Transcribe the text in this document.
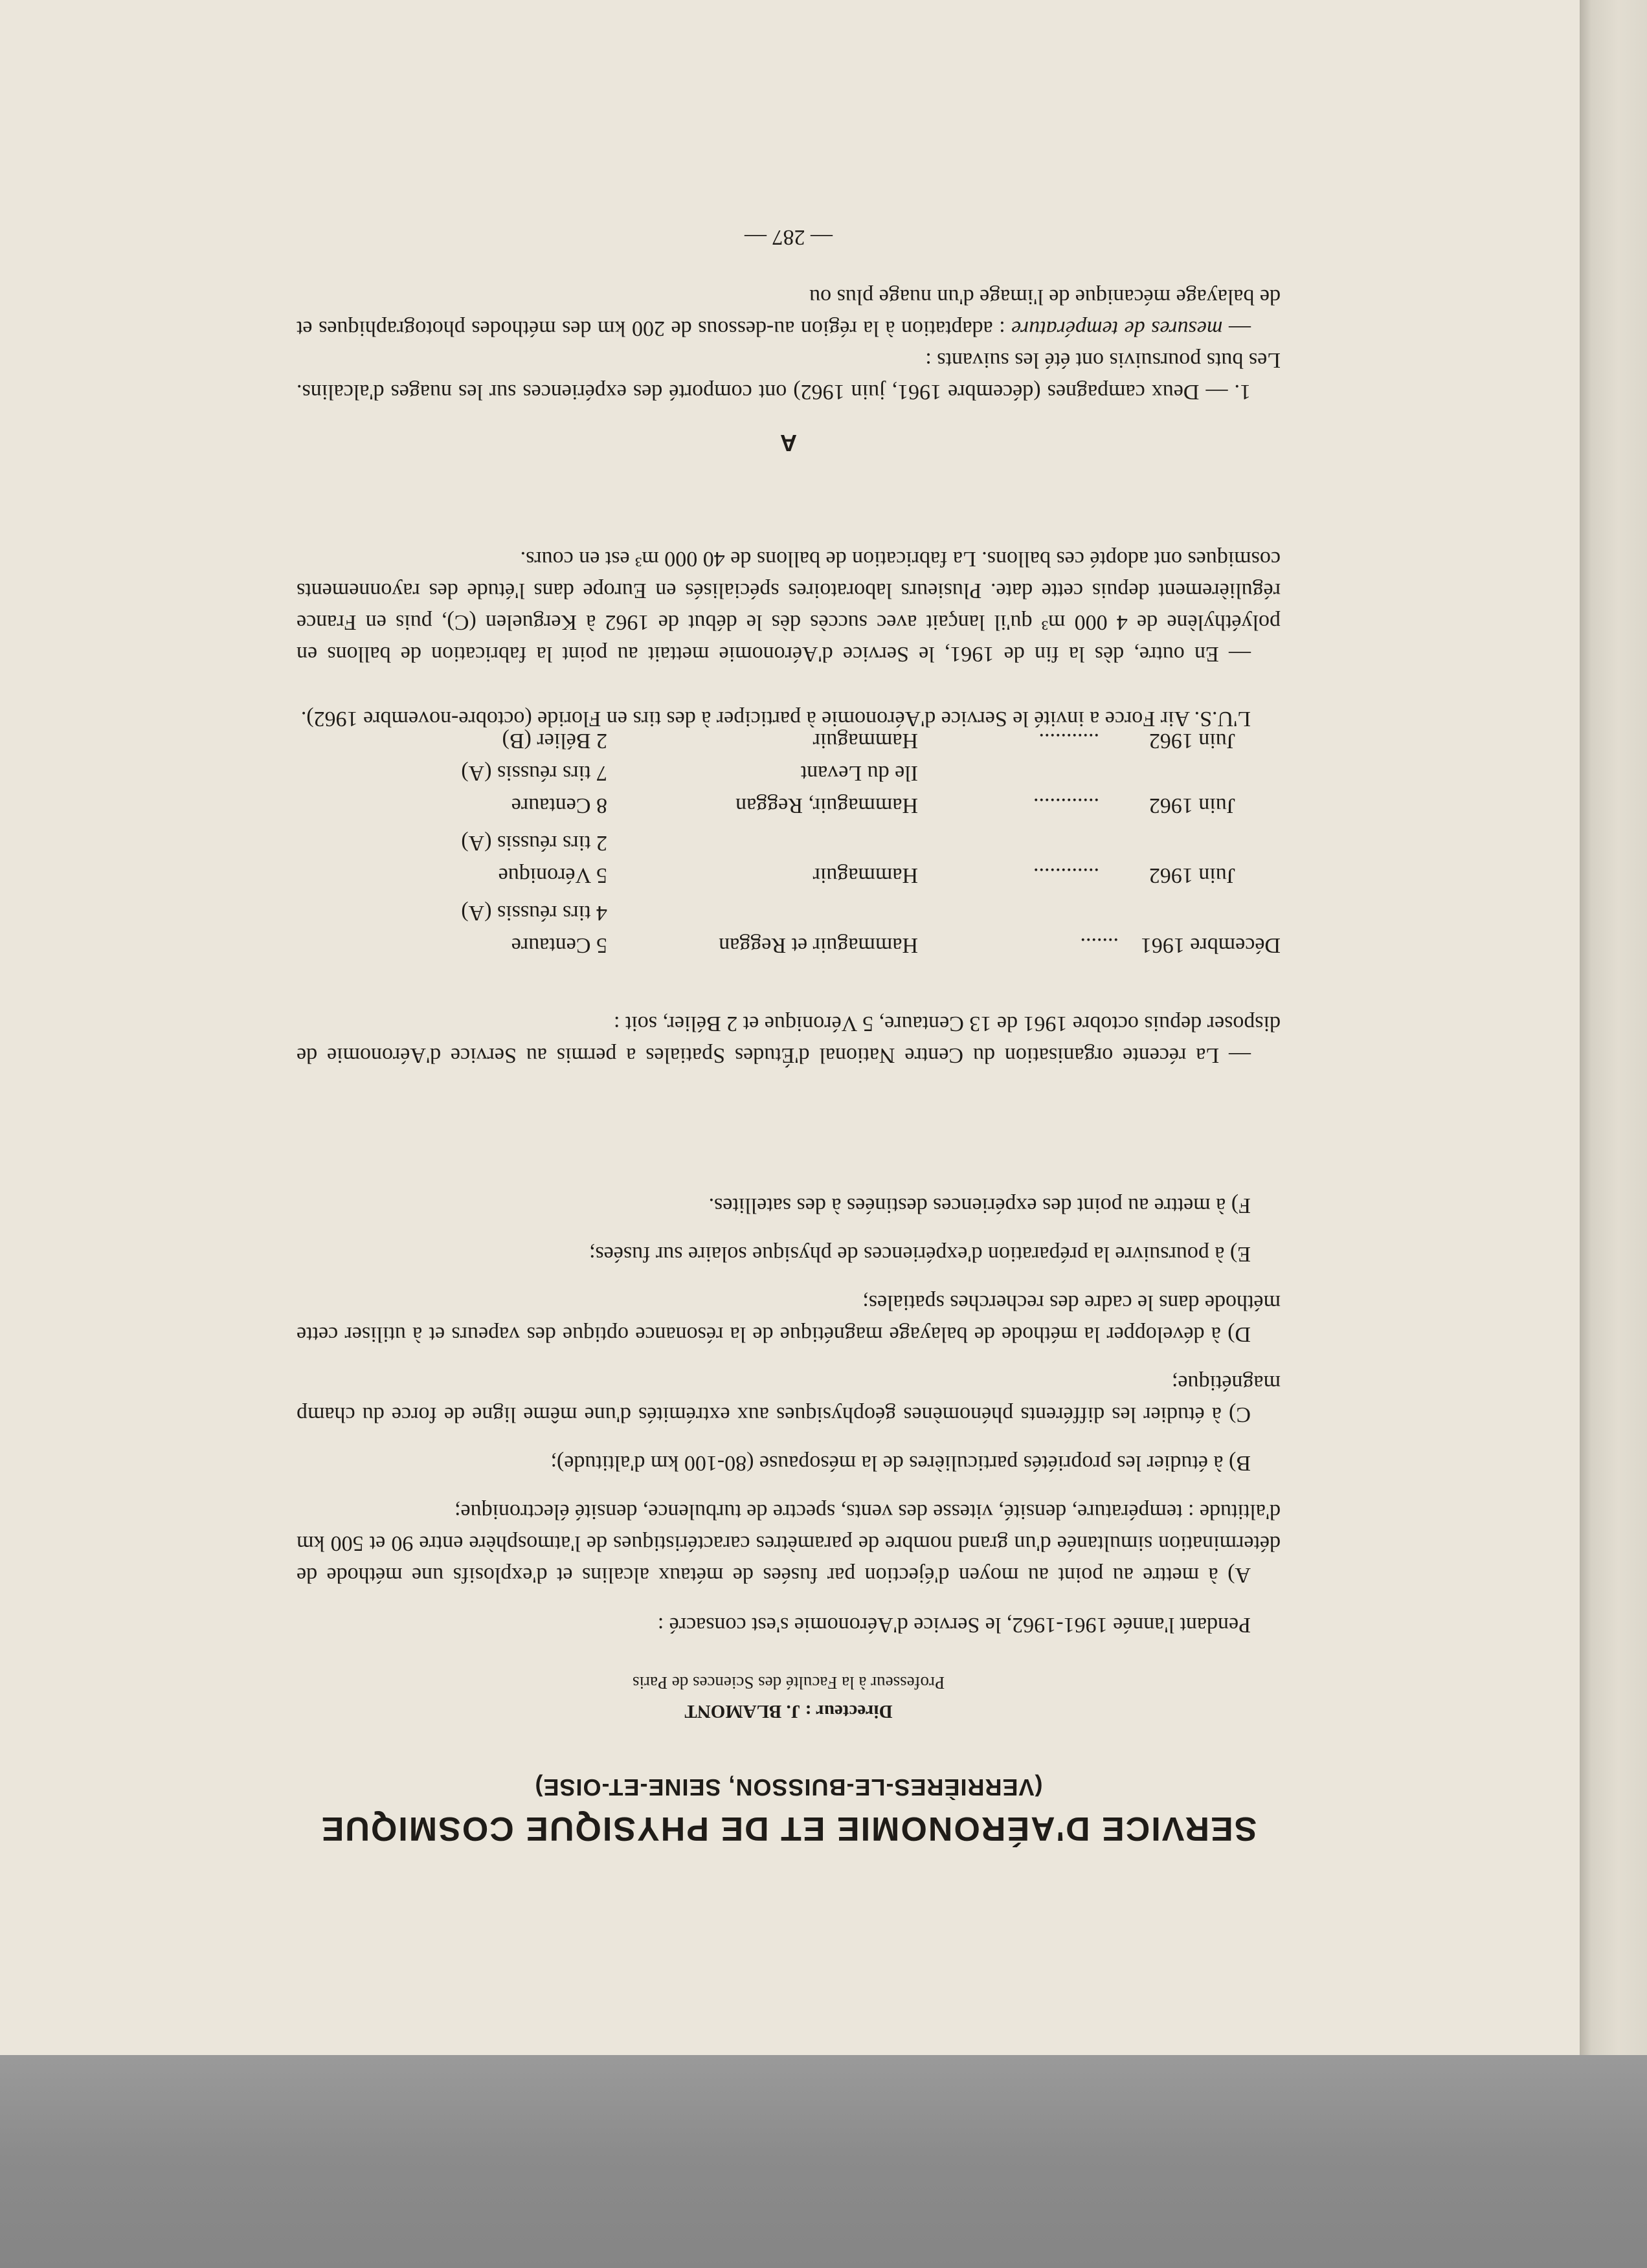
SERVICE D'AÉRONOMIE ET DE PHYSIQUE COSMIQUE
(VERRIÈRES-LE-BUISSON, SEINE-ET-OISE)
Directeur : J. BLAMONT
Professeur à la Faculté des Sciences de Paris

Pendant l'année 1961-1962, le Service d'Aéronomie s'est consacré :

A) à mettre au point au moyen d'éjection par fusées de métaux alcalins et d'explosifs une méthode de détermination simultanée d'un grand nombre de paramètres caractéristiques de l'atmosphère entre 90 et 500 km d'altitude : température, densité, vitesse des vents, spectre de turbulence, densité électronique;

B) à étudier les propriétés particulières de la mésopause (80-100 km d'altitude);

C) à étudier les différents phénomènes géophysiques aux extrémités d'une même ligne de force du champ magnétique;

D) à développer la méthode de balayage magnétique de la résonance optique des vapeurs et à utiliser cette méthode dans le cadre des recherches spatiales;

E) à poursuivre la préparation d'expériences de physique solaire sur fusées;

F) à mettre au point des expériences destinées à des satellites.

— La récente organisation du Centre National d'Études Spatiales a permis au Service d'Aéronomie de disposer depuis octobre 1961 de 13 Centaure, 5 Véronique et 2 Bélier, soit :

Décembre 1961
.......
Hammaguir et Reggan
5 Centaure
4 tirs réussis (A)
Juin 1962
............
Hammaguir
5 Véronique
2 tirs réussis (A)
Juin 1962
............
Hammaguir, Reggan
8 Centaure
Ile du Levant
7 tirs réussis (A)
Juin 1962
...........
Hammaguir
2 Bélier (B)

L'U.S. Air Force a invité le Service d'Aéronomie à participer à des tirs en Floride (octobre-novembre 1962).

— En outre, dès la fin de 1961, le Service d'Aéronomie mettait au point la fabrication de ballons en polyéthylène de 4 000 m³ qu'il lançait avec succès dès le début de 1962 à Kerguelen (C), puis en France régulièrement depuis cette date. Plusieurs laboratoires spécialisés en Europe dans l'étude des rayonnements cosmiques ont adopté ces ballons. La fabrication de ballons de 40 000 m³ est en cours.

A

1. — Deux campagnes (décembre 1961, juin 1962) ont comporté des expériences sur les nuages d'alcalins. Les buts poursuivis ont été les suivants :

— mesures de température : adaptation à la région au-dessous de 200 km des méthodes photographiques et de balayage mécanique de l'image d'un nuage plus ou

— 287 —
